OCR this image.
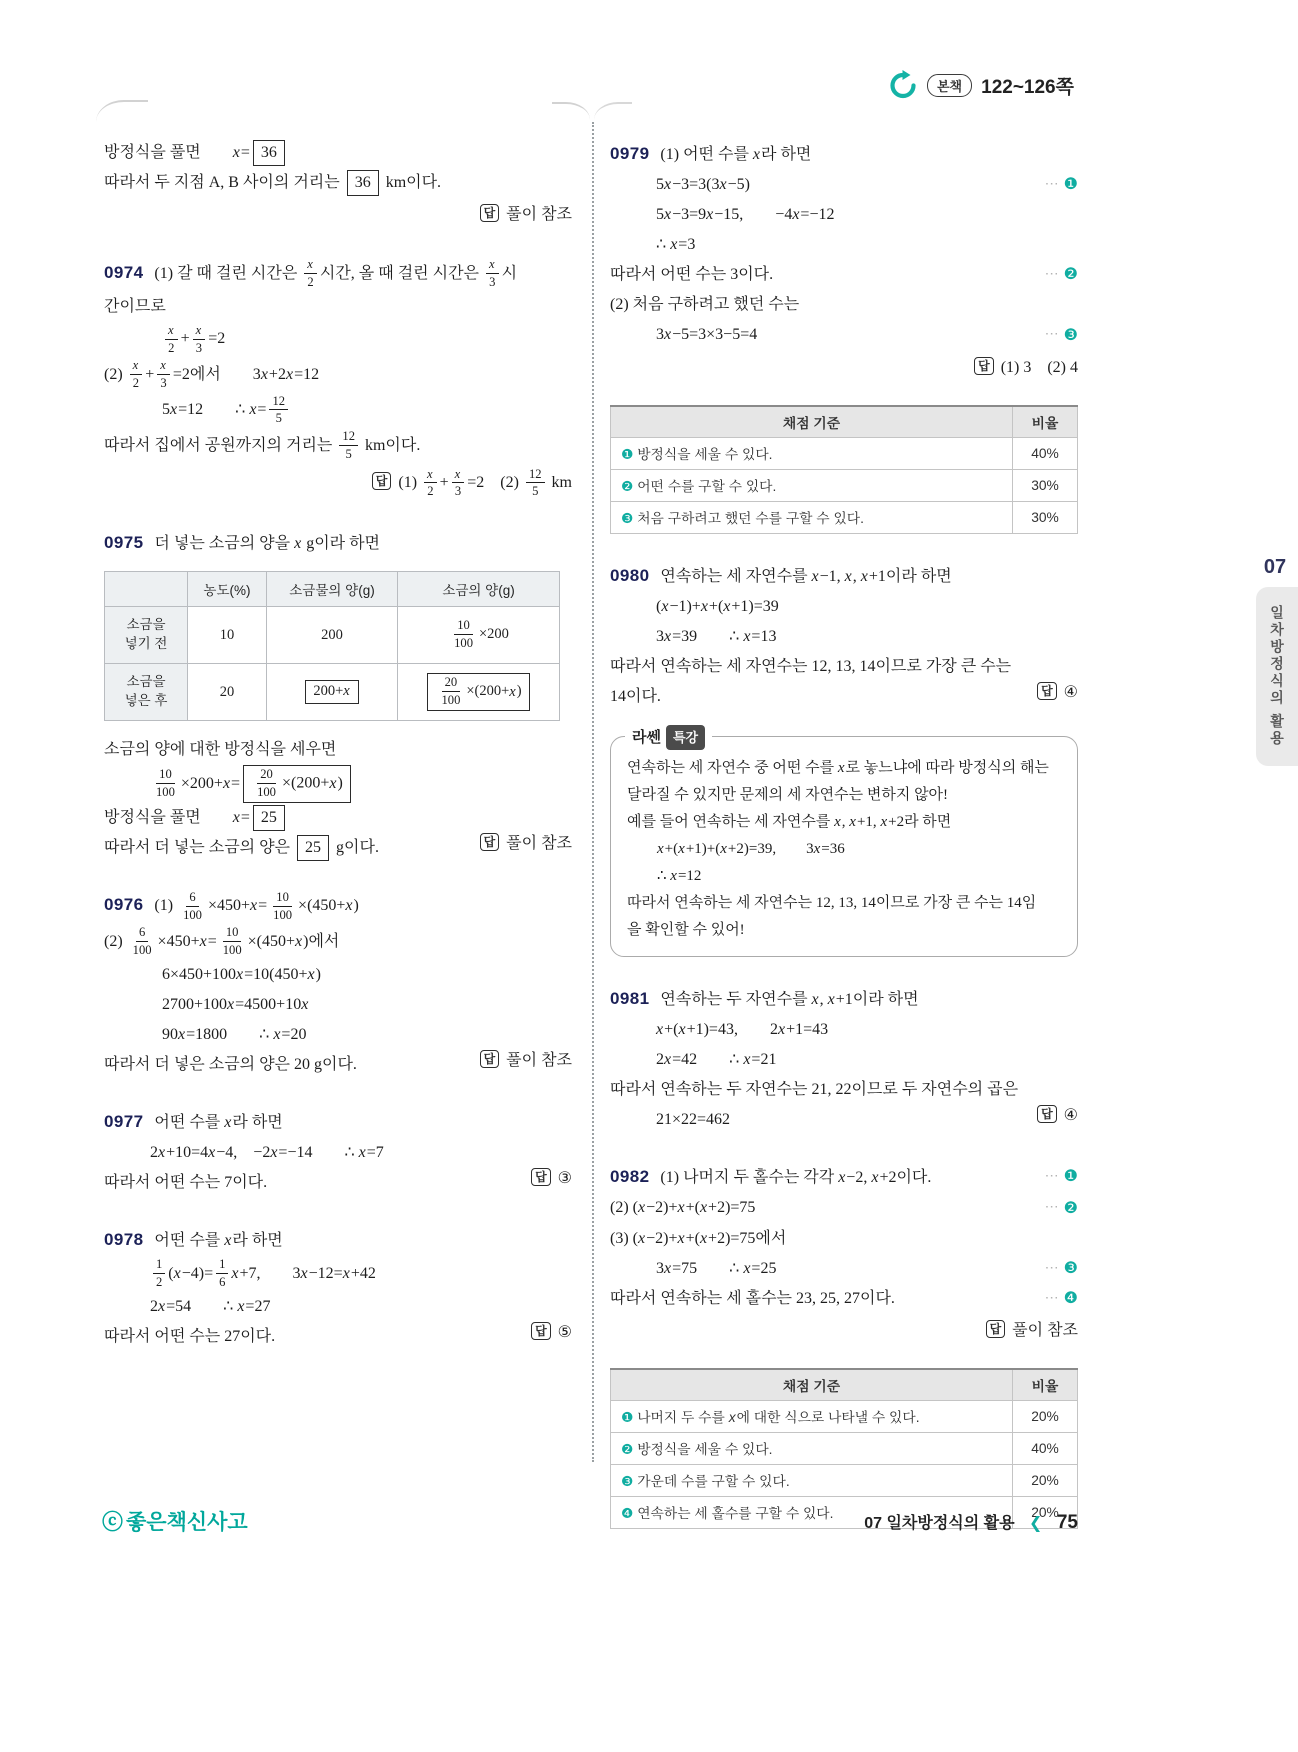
본책	122~126쪽
방정식을 풀면  x= 36
따라서 두 지점 A, B 사이의 거리는 36 km이다.
답 풀이 참조
0974 (1) 갈 때 걸린 시간은 $\frac{x}{2}$ 시간, 올 때 걸린 시간은 $\frac{x}{3}$ 시
간이므로
$\frac{x}{2} + \frac{x}{3} =2$
$(2) \frac{x}{2} + \frac{x}{3} =2$에서  3x+2x=12
5x=12  ∴ $x= \frac{12}{5}$
따라서 집에서 공원까지의 거리는 $\frac{12}{5}$ km이다.
답 $(1) \frac{x}{2} + \frac{x}{3} =2$ $(2) \frac{12}{5}$ km
0975 더 넣는 소금의 양을 x g이라 하면
	농도(%)	소금물의 양(g)	소금의 양(g)
소금을
넣기 전	10	200	$\frac{10}{100} \times 200$
소금을
넣은 후	20	200+x	$\frac{20}{100} \times(200+x)$
소금의 양에 대한 방정식을 세우면
$\frac{10}{100} \times 200+x= \frac{20}{100} \times(200+x)$
방정식을 풀면  x= 25
따라서 더 넣는 소금의 양은 25 g이다.	답 풀이 참조
0976 $(1) \frac{6}{100} \times 450+x= \frac{10}{100} \times(450+x)$
$(2) \frac{6}{100} \times 450+x= \frac{10}{100} \times(450+x)$에서
6×450+100x=10(450+x)
2700+100x=4500+10x
90x=1800  ∴ x=20
따라서 더 넣은 소금의 양은 20 g이다.	답 풀이 참조
0977 어떤 수를 x라 하면
2x+10=4x−4, −2x=−14  ∴ x=7
따라서 어떤 수는 7이다.	답 ③
0978 어떤 수를 x라 하면
$\frac{1}{2} (x-4)= \frac{1}{6} x+7$,  3x−12=x+42
2x=54  ∴ x=27
따라서 어떤 수는 27이다.	답 ⑤
0979 (1) 어떤 수를 x라 하면
5x−3=3(3x−5)	⋯ ❶
5x−3=9x−15,  −4x=−12
∴ x=3
따라서 어떤 수는 3이다.	⋯ ❷
(2) 처음 구하려고 했던 수는
3x−5=3×3−5=4	⋯ ❸
답 (1) 3 (2) 4
채점 기준	비율
❶ 방정식을 세울 수 있다.	40%
❷ 어떤 수를 구할 수 있다.	30%
❸ 처음 구하려고 했던 수를 구할 수 있다.	30%
0980 연속하는 세 자연수를 x−1, x, x+1이라 하면
(x−1)+x+(x+1)=39
3x=39  ∴ x=13
따라서 연속하는 세 자연수는 12, 13, 14이므로 가장 큰 수는
14이다.	답 ④
라쎈 특강
연속하는 세 자연수 중 어떤 수를 x로 놓느냐에 따라 방정식의 해는
달라질 수 있지만 문제의 세 자연수는 변하지 않아!
예를 들어 연속하는 세 자연수를 x, x+1, x+2라 하면
  x+(x+1)+(x+2)=39,  3x=36
  ∴ x=12
따라서 연속하는 세 자연수는 12, 13, 14이므로 가장 큰 수는 14임
을 확인할 수 있어!
0981 연속하는 두 자연수를 x, x+1이라 하면
x+(x+1)=43,  2x+1=43
2x=42  ∴ x=21
따라서 연속하는 두 자연수는 21, 22이므로 두 자연수의 곱은
21×22=462	답 ④
0982 (1) 나머지 두 홀수는 각각 x−2, x+2이다.	⋯ ❶
(2) (x−2)+x+(x+2)=75	⋯ ❷
(3) (x−2)+x+(x+2)=75에서
3x=75  ∴ x=25	⋯ ❸
따라서 연속하는 세 홀수는 23, 25, 27이다.	⋯ ❹
답 풀이 참조
채점 기준	비율
❶ 나머지 두 수를 x에 대한 식으로 나타낼 수 있다.	20%
❷ 방정식을 세울 수 있다.	40%
❸ 가운데 수를 구할 수 있다.	20%
❹ 연속하는 세 홀수를 구할 수 있다.	20%
07
일차방정식의 활용
ⓒ 좋은책신사고	07 일차방정식의 활용 ❮ 75
